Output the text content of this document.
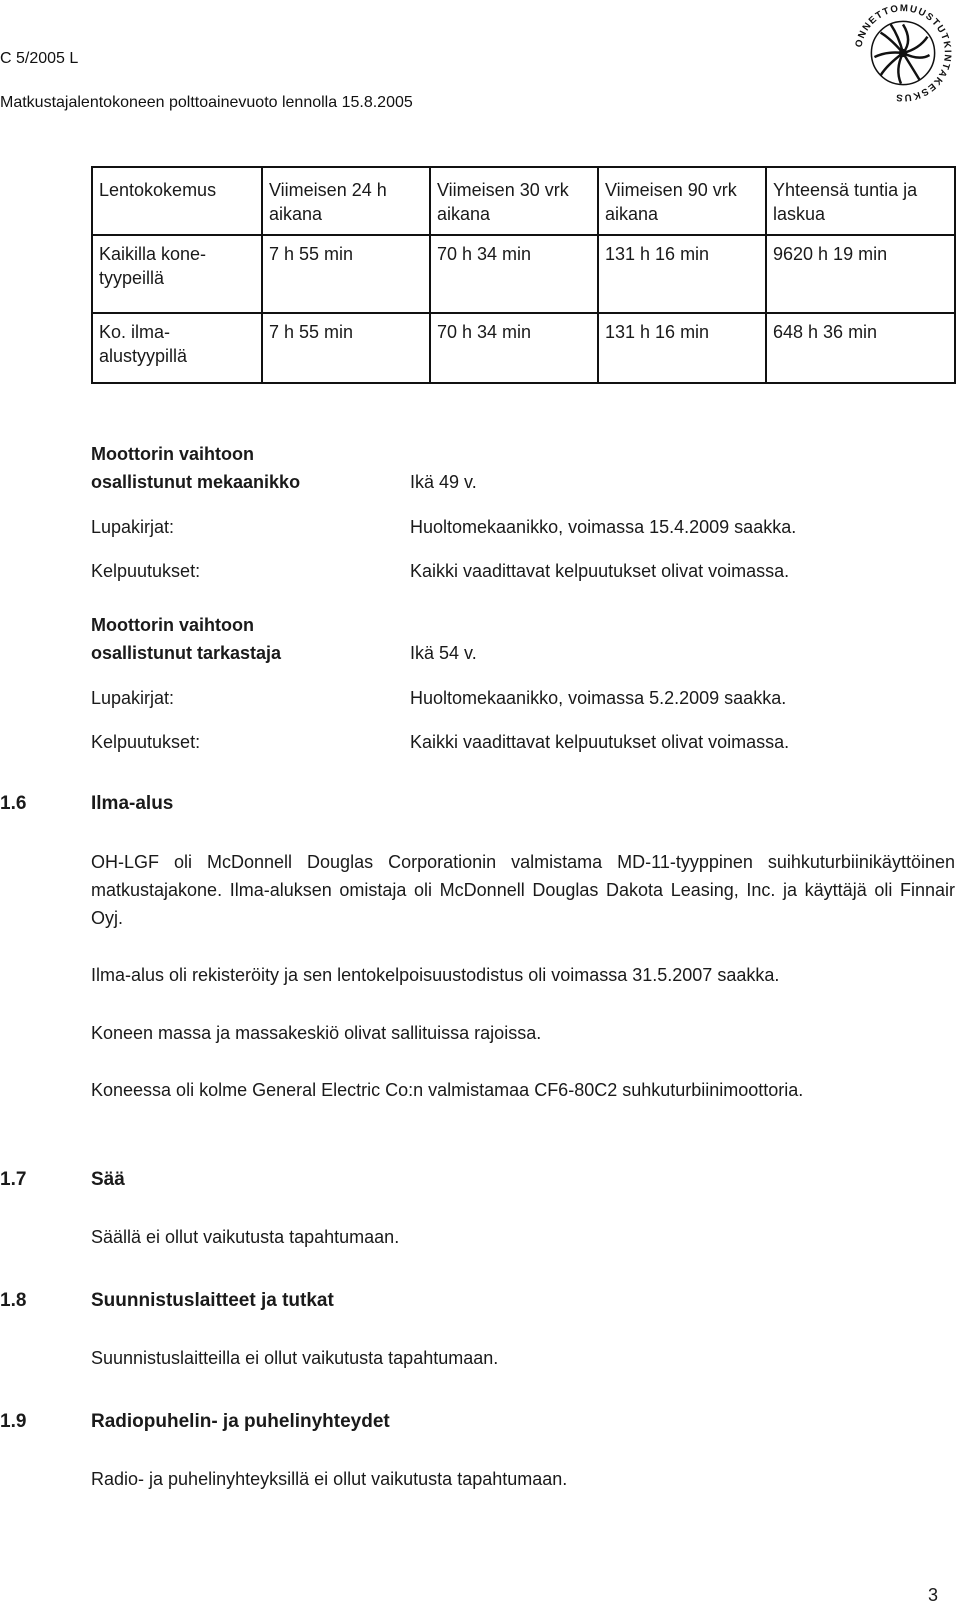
C 5/2005 L
Matkustajalentokoneen polttoainevuoto lennolla 15.8.2005
ONNETTOMUUSTUTKINTAKESKUS
Lentokokemus	Viimeisen 24 h aikana	Viimeisen 30 vrk aikana	Viimeisen 90 vrk aikana	Yhteensä tuntia ja laskua

Kaikilla kone-tyypeillä	7 h 55 min	70 h 34 min	131 h 16 min	9620 h 19 min

Ko. ilma-alustyypillä	7 h 55 min	70 h 34 min	131 h 16 min	648 h 36 min
Moottorin vaihtoon
osallistunut mekaanikko	Ikä 49 v.
Lupakirjat:	Huoltomekaanikko, voimassa 15.4.2009 saakka.
Kelpuutukset:	Kaikki vaadittavat kelpuutukset olivat voimassa.
Moottorin vaihtoon
osallistunut tarkastaja	Ikä 54 v.
Lupakirjat:	Huoltomekaanikko, voimassa 5.2.2009 saakka.
Kelpuutukset:	Kaikki vaadittavat kelpuutukset olivat voimassa.
1.6	Ilma-alus
OH-LGF oli McDonnell Douglas Corporationin valmistama MD-11-tyyppinen suihkuturbiinikäyttöinen matkustajakone. Ilma-aluksen omistaja oli McDonnell Douglas Dakota Leasing, Inc. ja käyttäjä oli Finnair Oyj.
Ilma-alus oli rekisteröity ja sen lentokelpoisuustodistus oli voimassa 31.5.2007 saakka.
Koneen massa ja massakeskiö olivat sallituissa rajoissa.
Koneessa oli kolme General Electric Co:n valmistamaa CF6-80C2 suhkuturbiinimoottoria.
1.7	Sää
Säällä ei ollut vaikutusta tapahtumaan.
1.8	Suunnistuslaitteet ja tutkat
Suunnistuslaitteilla ei ollut vaikutusta tapahtumaan.
1.9	Radiopuhelin- ja puhelinyhteydet
Radio- ja puhelinyhteyksillä ei ollut vaikutusta tapahtumaan.
3
